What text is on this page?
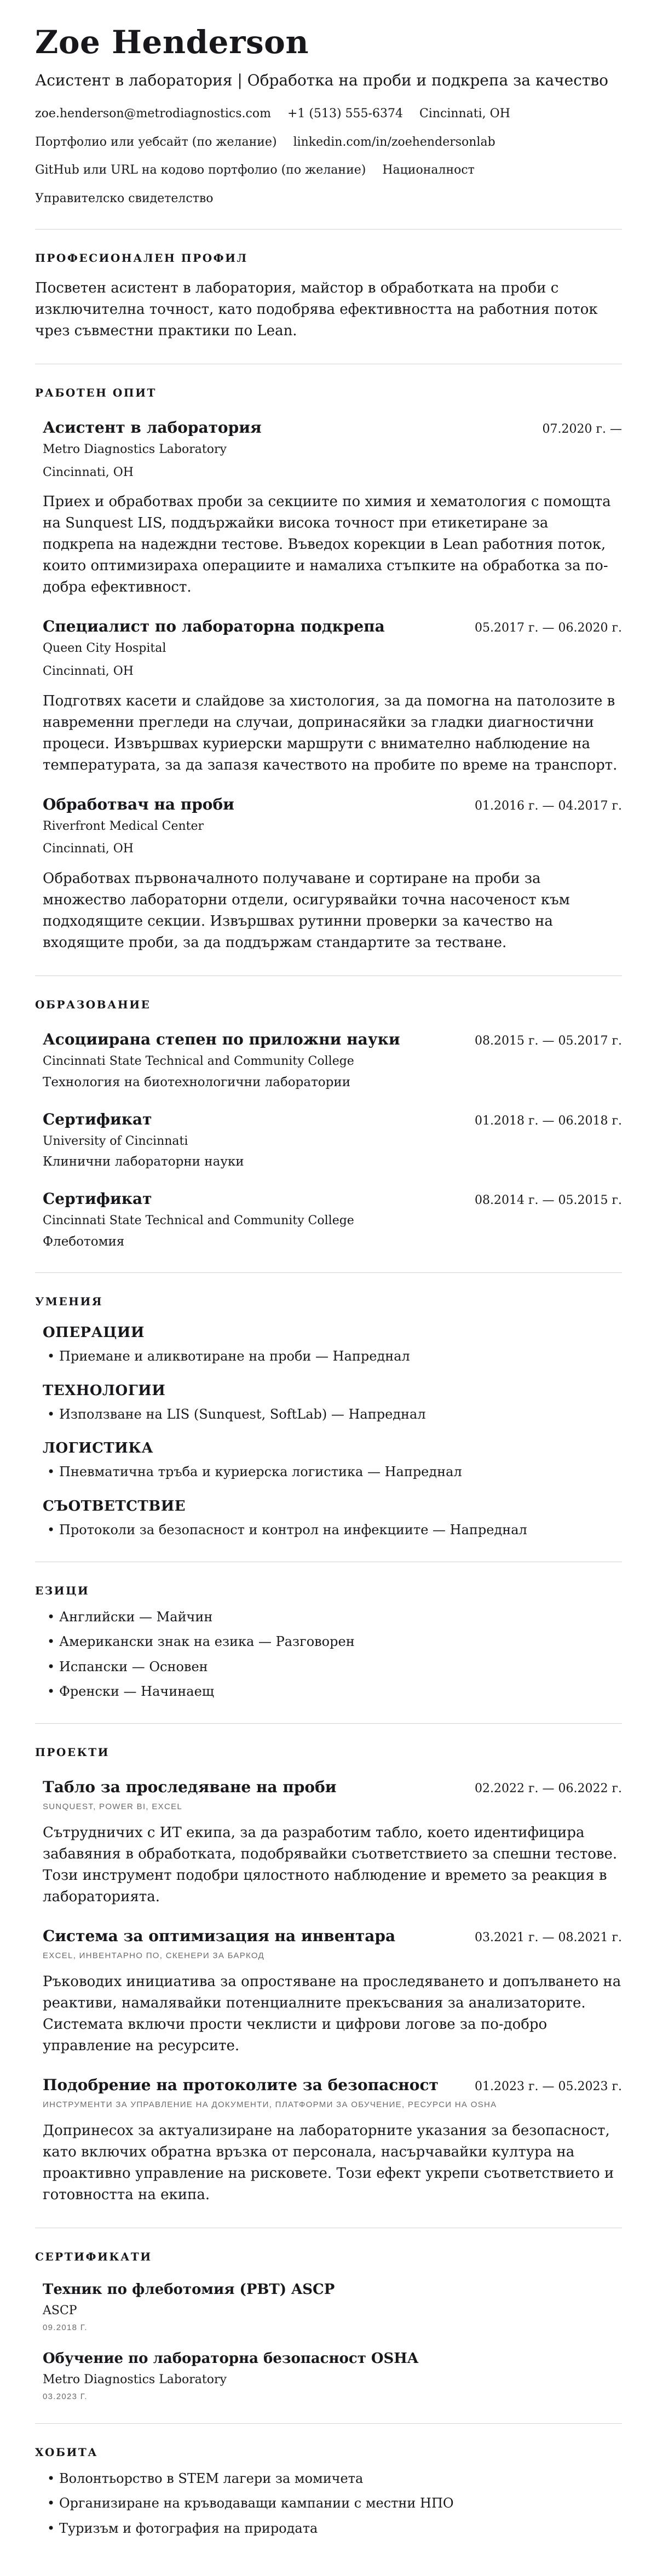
Zoe Henderson
Асистент в лаборатория | Обработка на проби и подкрепа за качество
zoe.henderson@metrodiagnostics.com +1 (513) 555-6374 Cincinnati, OH
Портфолио или уебсайт (по желание) linkedin.com/in/zoehendersonlab
GitHub или URL на кодово портфолио (по желание) Националност
Управителско свидетелство
ПРОФЕСИОНАЛЕН ПРОФИЛ

Посветен асистент в лаборатория, майстор в обработката на проби с изключителна точност, като подобрява ефективността на работния поток чрез съвместни практики по Lean.

РАБОТЕН ОПИТ
Асистент в лаборатория	07.2020 г. —
Metro Diagnostics Laboratory
Cincinnati, OH

Приех и обработвах проби за секциите по химия и хематология с помощта на Sunquest LIS, поддържайки висока точност при етикетиране за подкрепа на надеждни тестове. Въведох корекции в Lean работния поток, които оптимизираха операциите и намалиха стъпките на обработка за по-добра ефективност.

Специалист по лабораторна подкрепа	05.2017 г. — 06.2020 г.
Queen City Hospital
Cincinnati, OH

Подготвях касети и слайдове за хистология, за да помогна на патолозите в навременни прегледи на случаи, допринасяйки за гладки диагностични процеси. Извършвах куриерски маршрути с внимателно наблюдение на температурата, за да запазя качеството на пробите по време на транспорт.

Обработвач на проби	01.2016 г. — 04.2017 г.
Riverfront Medical Center
Cincinnati, OH

Обработвах първоначалното получаване и сортиране на проби за множество лабораторни отдели, осигурявайки точна насоченост към подходящите секции. Извършвах рутинни проверки за качество на входящите проби, за да поддържам стандартите за тестване.

ОБРАЗОВАНИЕ
Асоциирана степен по приложни науки	08.2015 г. — 05.2017 г.
Cincinnati State Technical and Community College
Технология на биотехнологични лаборатории
Сертификат	01.2018 г. — 06.2018 г.
University of Cincinnati
Клинични лабораторни науки
Сертификат	08.2014 г. — 05.2015 г.
Cincinnati State Technical and Community College
Флеботомия
УМЕНИЯ
ОПЕРАЦИИ
• Приемане и аликвотиране на проби — Напреднал
ТЕХНОЛОГИИ
• Използване на LIS (Sunquest, SoftLab) — Напреднал
ЛОГИСТИКА
• Пневматична тръба и куриерска логистика — Напреднал
СЪОТВЕТСТВИЕ
• Протоколи за безопасност и контрол на инфекциите — Напреднал
ЕЗИЦИ
• Английски — Майчин
• Американски знак на езика — Разговорен
• Испански — Основен
• Френски — Начинаещ
ПРОЕКТИ
Табло за проследяване на проби	02.2022 г. — 06.2022 г.
SUNQUEST, POWER BI, EXCEL

Сътрудничих с ИТ екипа, за да разработим табло, което идентифицира забавяния в обработката, подобрявайки съответствието за спешни тестове. Този инструмент подобри цялостното наблюдение и времето за реакция в лабораторията.

Система за оптимизация на инвентара	03.2021 г. — 08.2021 г.
EXCEL, ИНВЕНТАРНО ПО, СКЕНЕРИ ЗА БАРКОД

Ръководих инициатива за опростяване на проследяването и допълването на реактиви, намалявайки потенциалните прекъсвания за анализаторите. Системата включи прости чеклисти и цифрови логове за по-добро управление на ресурсите.

Подобрение на протоколите за безопасност	01.2023 г. — 05.2023 г.
ИНСТРУМЕНТИ ЗА УПРАВЛЕНИЕ НА ДОКУМЕНТИ, ПЛАТФОРМИ ЗА ОБУЧЕНИЕ, РЕСУРСИ НА OSHA

Допринесох за актуализиране на лабораторните указания за безопасност, като включих обратна връзка от персонала, насърчавайки култура на проактивно управление на рисковете. Този ефект укрепи съответствието и готовността на екипа.

СЕРТИФИКАТИ
Техник по флеботомия (PBT) ASCP
ASCP
09.2018 Г.
Обучение по лабораторна безопасност OSHA
Metro Diagnostics Laboratory
03.2023 Г.
ХОБИТА
• Волонтьорство в STEM лагери за момичета
• Организиране на кръводаващи кампании с местни НПО
• Туризъм и фотография на природата
